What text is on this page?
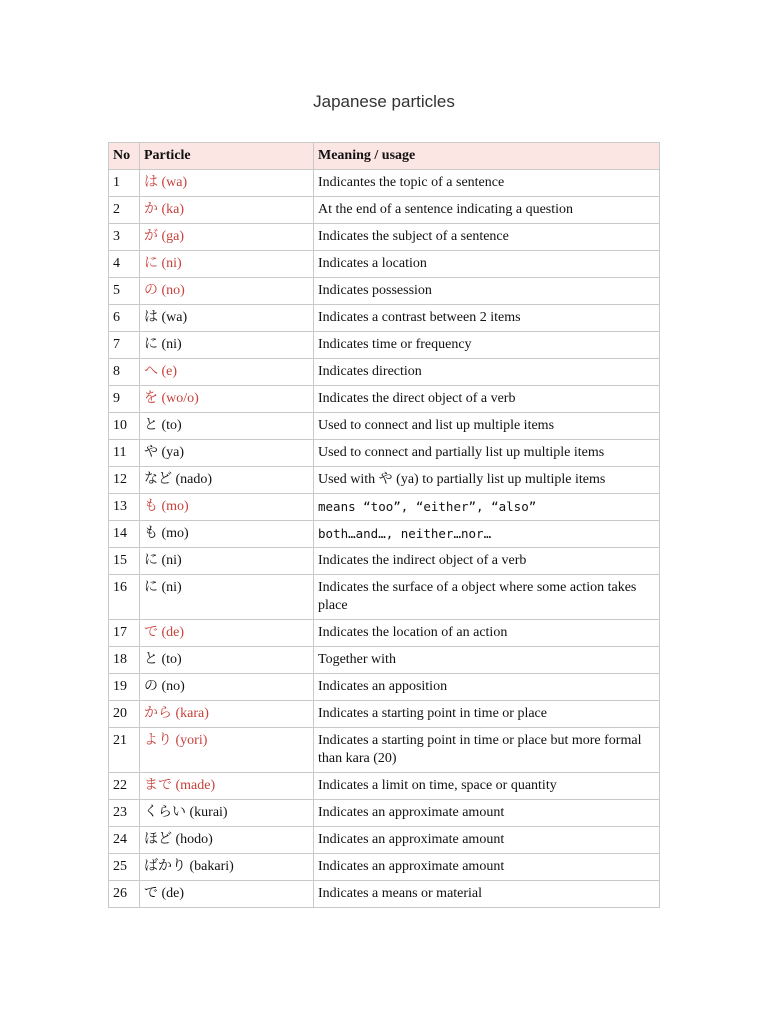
Japanese particles
No	Particle	Meaning / usage
1	は (wa)	Indicantes the topic of a sentence
2	か (ka)	At the end of a sentence indicating a question
3	が (ga)	Indicates the subject of a sentence
4	に (ni)	Indicates a location
5	の (no)	Indicates possession
6	は (wa)	Indicates a contrast between 2 items
7	に (ni)	Indicates time or frequency
8	へ (e)	Indicates direction
9	を (wo/o)	Indicates the direct object of a verb
10	と (to)	Used to connect and list up multiple items
11	や (ya)	Used to connect and partially list up multiple items
12	など (nado)	Used with や (ya) to partially list up multiple items
13	も (mo)	means “too”, “either”, “also”
14	も (mo)	both…and…, neither…nor…
15	に (ni)	Indicates the indirect object of a verb
16	に (ni)	Indicates the surface of a object where some action takes place
17	で (de)	Indicates the location of an action
18	と (to)	Together with
19	の (no)	Indicates an apposition
20	から (kara)	Indicates a starting point in time or place
21	より (yori)	Indicates a starting point in time or place but more formal than kara (20)
22	まで (made)	Indicates a limit on time, space or quantity
23	くらい (kurai)	Indicates an approximate amount
24	ほど (hodo)	Indicates an approximate amount
25	ばかり (bakari)	Indicates an approximate amount
26	で (de)	Indicates a means or material
